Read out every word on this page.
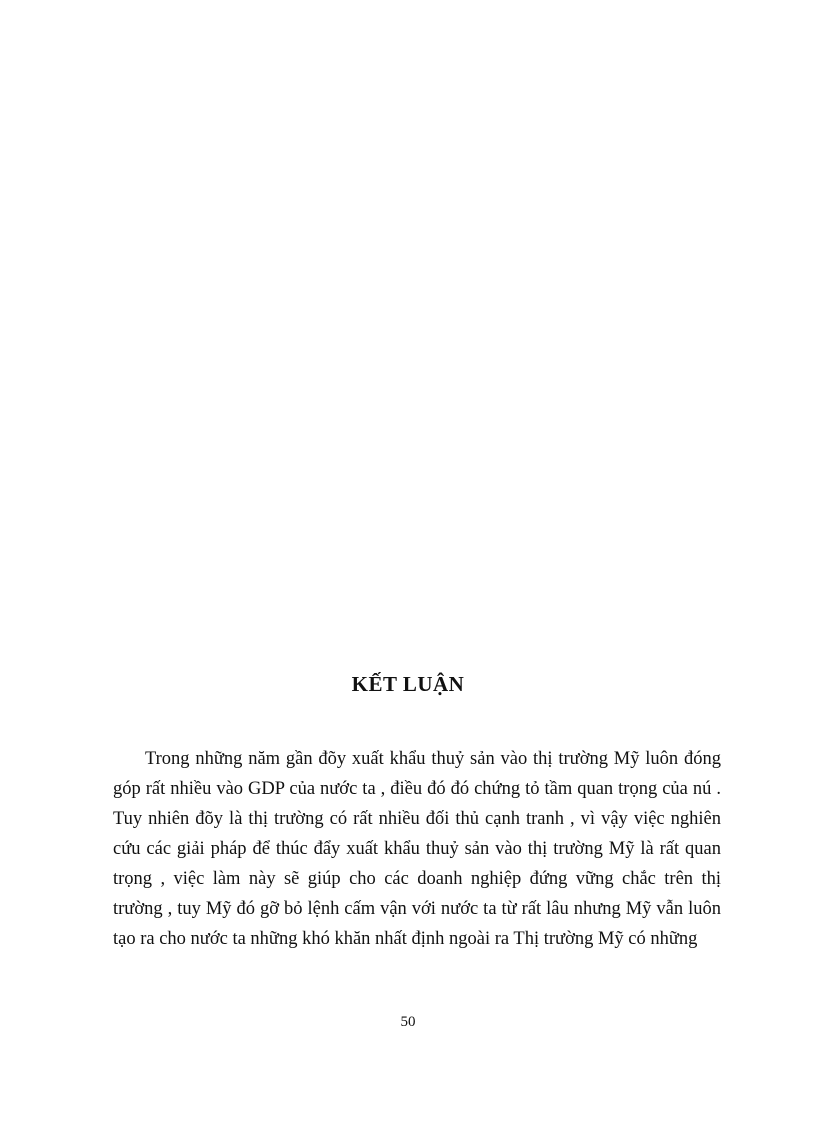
KẾT LUẬN
Trong những năm gần đõy xuất khẩu thuỷ sản vào thị trường Mỹ luôn đóng
góp rất nhiều vào GDP của nước ta , điều đó đó chứng tỏ tầm quan trọng của nú .
Tuy nhiên đõy là thị trường có rất nhiều đối thủ cạnh tranh , vì vậy việc nghiên
cứu các giải pháp để thúc đẩy xuất khẩu thuỷ sản vào thị trường Mỹ là rất quan
trọng , việc làm này sẽ giúp cho các doanh nghiệp đứng vững chắc trên thị
trường , tuy Mỹ đó gỡ bỏ lệnh cấm vận với nước ta từ rất lâu nhưng Mỹ vẫn luôn
tạo ra cho nước ta những khó khăn nhất định ngoài ra Thị trường Mỹ có những

50
